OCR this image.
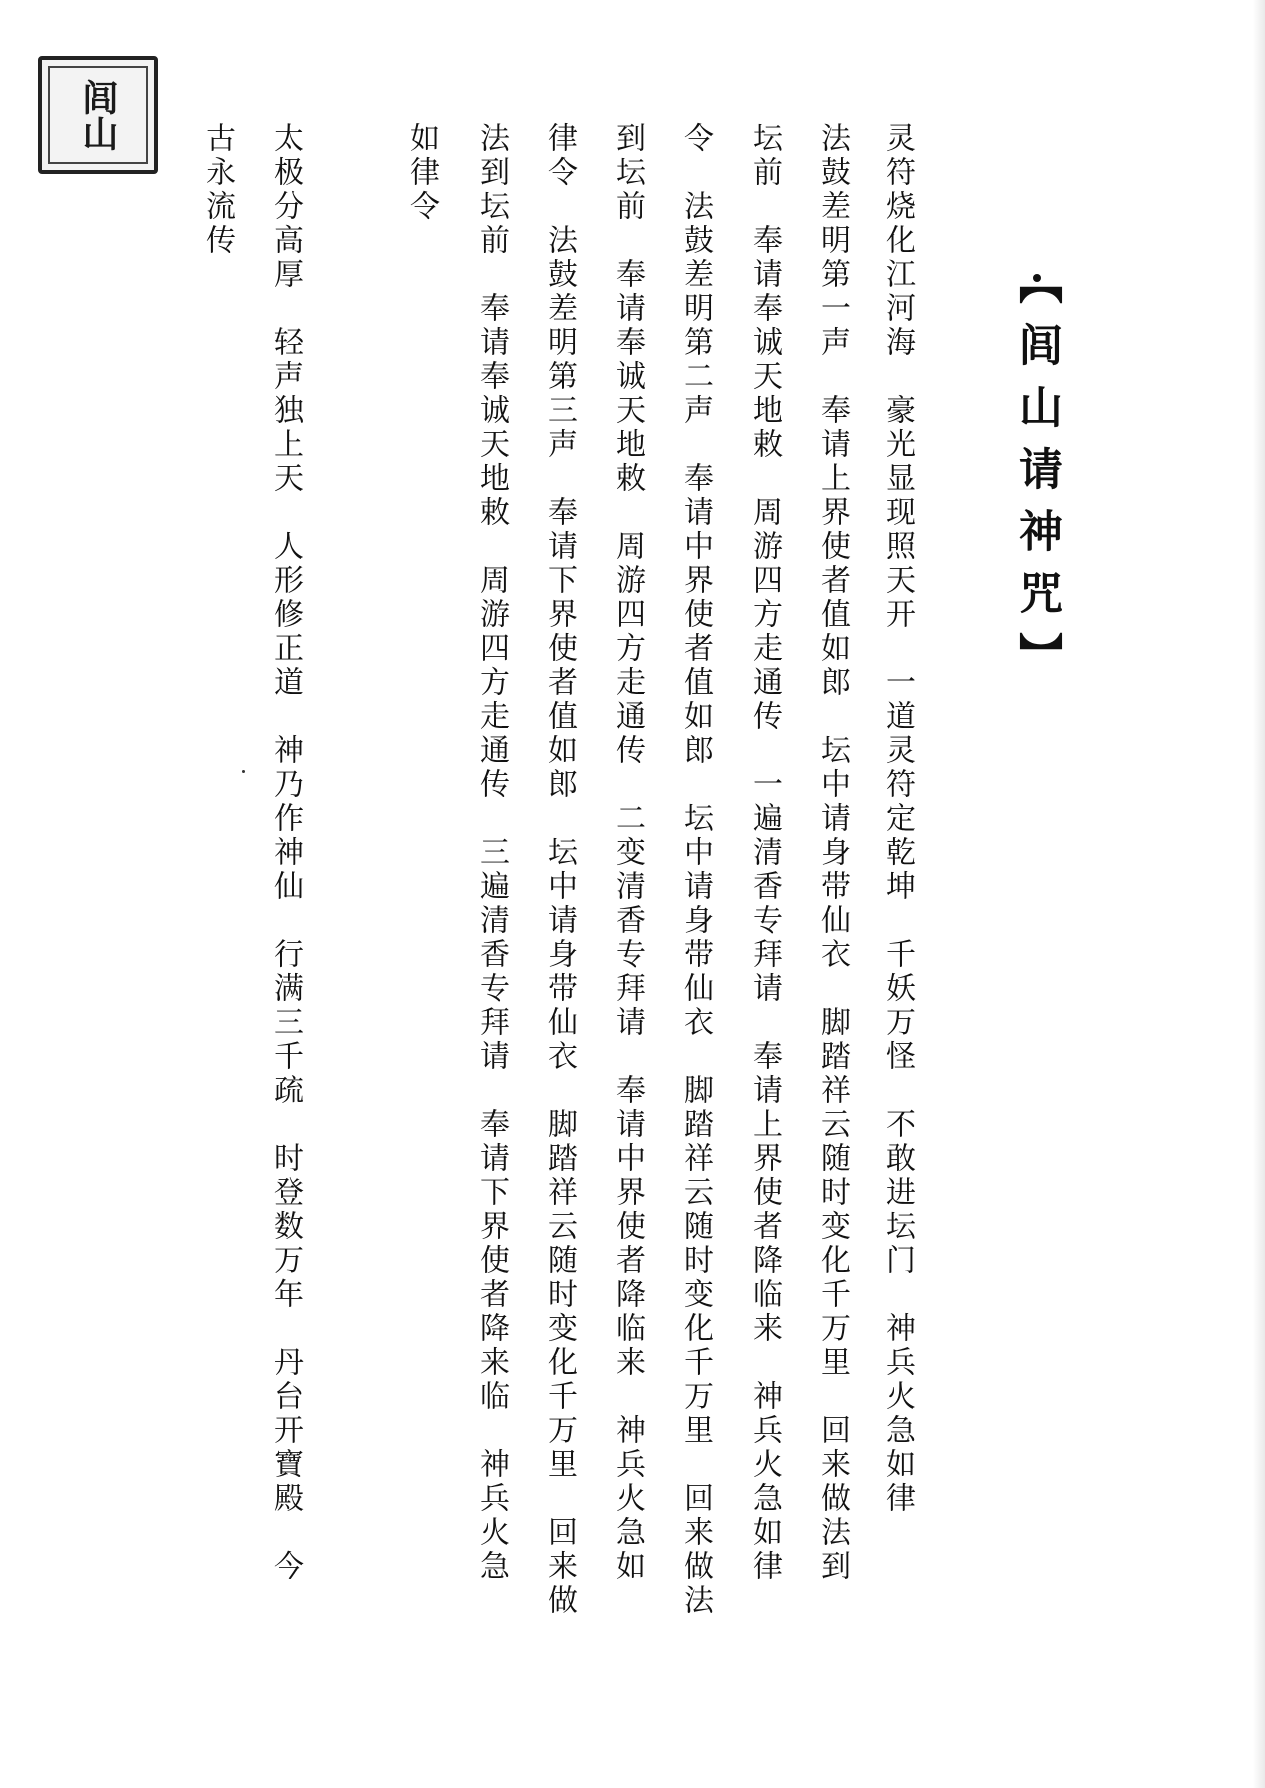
闾山
【闾山请神咒】
灵符烧化江河海　豪光显现照天开　一道灵符定乾坤　千妖万怪　不敢进坛门　神兵火急如律
法鼓差明第一声　奉请上界使者值如郎　坛中请身带仙衣　脚踏祥云随时变化千万里　回来做法到
坛前　奉请奉诚天地敕　周游四方走通传　一遍清香专拜请　奉请上界使者降临来　神兵火急如律
令　法鼓差明第二声　奉请中界使者值如郎　坛中请身带仙衣　脚踏祥云随时变化千万里　回来做法
到坛前　奉请奉诚天地敕　周游四方走通传　二变清香专拜请　奉请中界使者降临来　神兵火急如
律令　法鼓差明第三声　奉请下界使者值如郎　坛中请身带仙衣　脚踏祥云随时变化千万里　回来做
法到坛前　奉请奉诚天地敕　周游四方走通传　三遍清香专拜请　奉请下界使者降来临　神兵火急
如律令
太极分高厚　轻声独上天　人形修正道　神乃作神仙　行满三千疏　时登数万年　丹台开寶殿　今
古永流传
